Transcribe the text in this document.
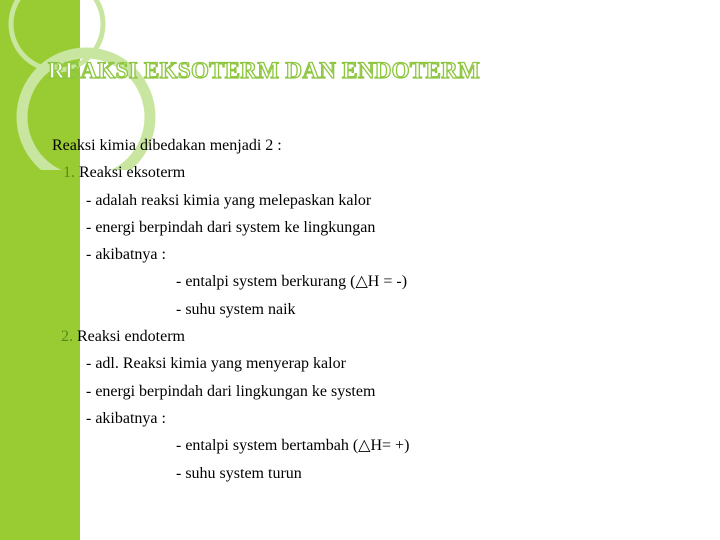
REAKSI EKSOTERM DAN ENDOTERM
Reaksi kimia dibedakan menjadi 2 :
1. Reaksi eksoterm
- adalah reaksi kimia yang melepaskan kalor
- energi berpindah dari system ke lingkungan
- akibatnya :
- entalpi system berkurang (△H = -)
- suhu system naik
2. Reaksi endoterm
- adl. Reaksi kimia yang menyerap kalor
- energi berpindah dari lingkungan ke system
- akibatnya :
- entalpi system bertambah (△H= +)
- suhu system turun
